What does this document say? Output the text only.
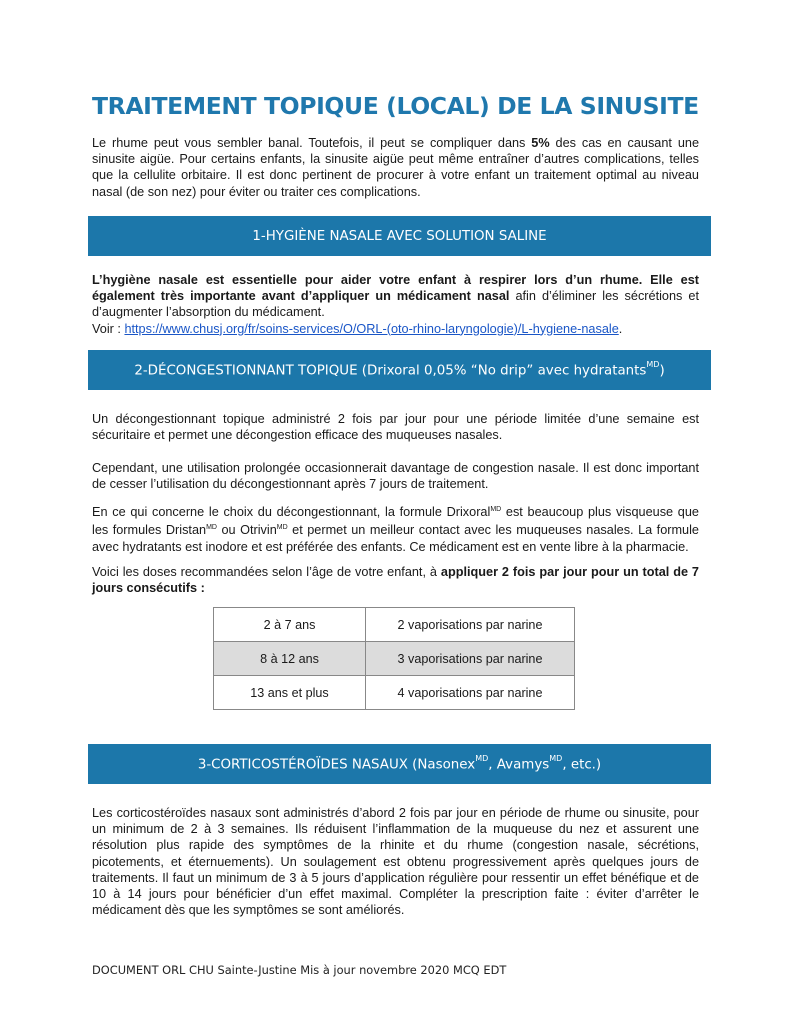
TRAITEMENT TOPIQUE (LOCAL) DE LA SINUSITE

Le rhume peut vous sembler banal. Toutefois, il peut se compliquer dans 5% des cas en causant une sinusite aigüe. Pour certains enfants, la sinusite aigüe peut même entraîner d’autres complications, telles que la cellulite orbitaire. Il est donc pertinent de procurer à votre enfant un traitement optimal au niveau nasal (de son nez) pour éviter ou traiter ces complications.

1-HYGIÈNE NASALE AVEC SOLUTION SALINE

L’hygiène nasale est essentielle pour aider votre enfant à respirer lors d’un rhume. Elle est également très importante avant d’appliquer un médicament nasal afin d’éliminer les sécrétions et d’augmenter l’absorption du médicament.
Voir : https://www.chusj.org/fr/soins-services/O/ORL-(oto-rhino-laryngologie)/L-hygiene-nasale.

2-DÉCONGESTIONNANT TOPIQUE (Drixoral 0,05% “No drip” avec hydratants$^{MD}$)

Un décongestionnant topique administré 2 fois par jour pour une période limitée d’une semaine est sécuritaire et permet une décongestion efficace des muqueuses nasales.

Cependant, une utilisation prolongée occasionnerait davantage de congestion nasale. Il est donc important de cesser l’utilisation du décongestionnant après 7 jours de traitement.

En ce qui concerne le choix du décongestionnant, la formule Drixoral$^{MD}$ est beaucoup plus visqueuse que les formules Dristan$^{MD}$ ou Otrivin$^{MD}$ et permet un meilleur contact avec les muqueuses nasales. La formule avec hydratants est inodore et est préférée des enfants. Ce médicament est en vente libre à la pharmacie.

Voici les doses recommandées selon l’âge de votre enfant, à appliquer 2 fois par jour pour un total de 7 jours consécutifs :

2 à 7 ans	2 vaporisations par narine
8 à 12 ans	3 vaporisations par narine
13 ans et plus	4 vaporisations par narine
3-CORTICOSTÉROÏDES NASAUX (Nasonex$^{MD}$, Avamys$^{MD}$, etc.)

Les corticostéroïdes nasaux sont administrés d’abord 2 fois par jour en période de rhume ou sinusite, pour un minimum de 2 à 3 semaines. Ils réduisent l’inflammation de la muqueuse du nez et assurent une résolution plus rapide des symptômes de la rhinite et du rhume (congestion nasale, sécrétions, picotements, et éternuements). Un soulagement est obtenu progressivement après quelques jours de traitements. Il faut un minimum de 3 à 5 jours d’application régulière pour ressentir un effet bénéfique et de 10 à 14 jours pour bénéficier d’un effet maximal. Compléter la prescription faite : éviter d’arrêter le médicament dès que les symptômes se sont améliorés.

DOCUMENT ORL CHU Sainte-Justine Mis à jour novembre 2020 MCQ EDT
